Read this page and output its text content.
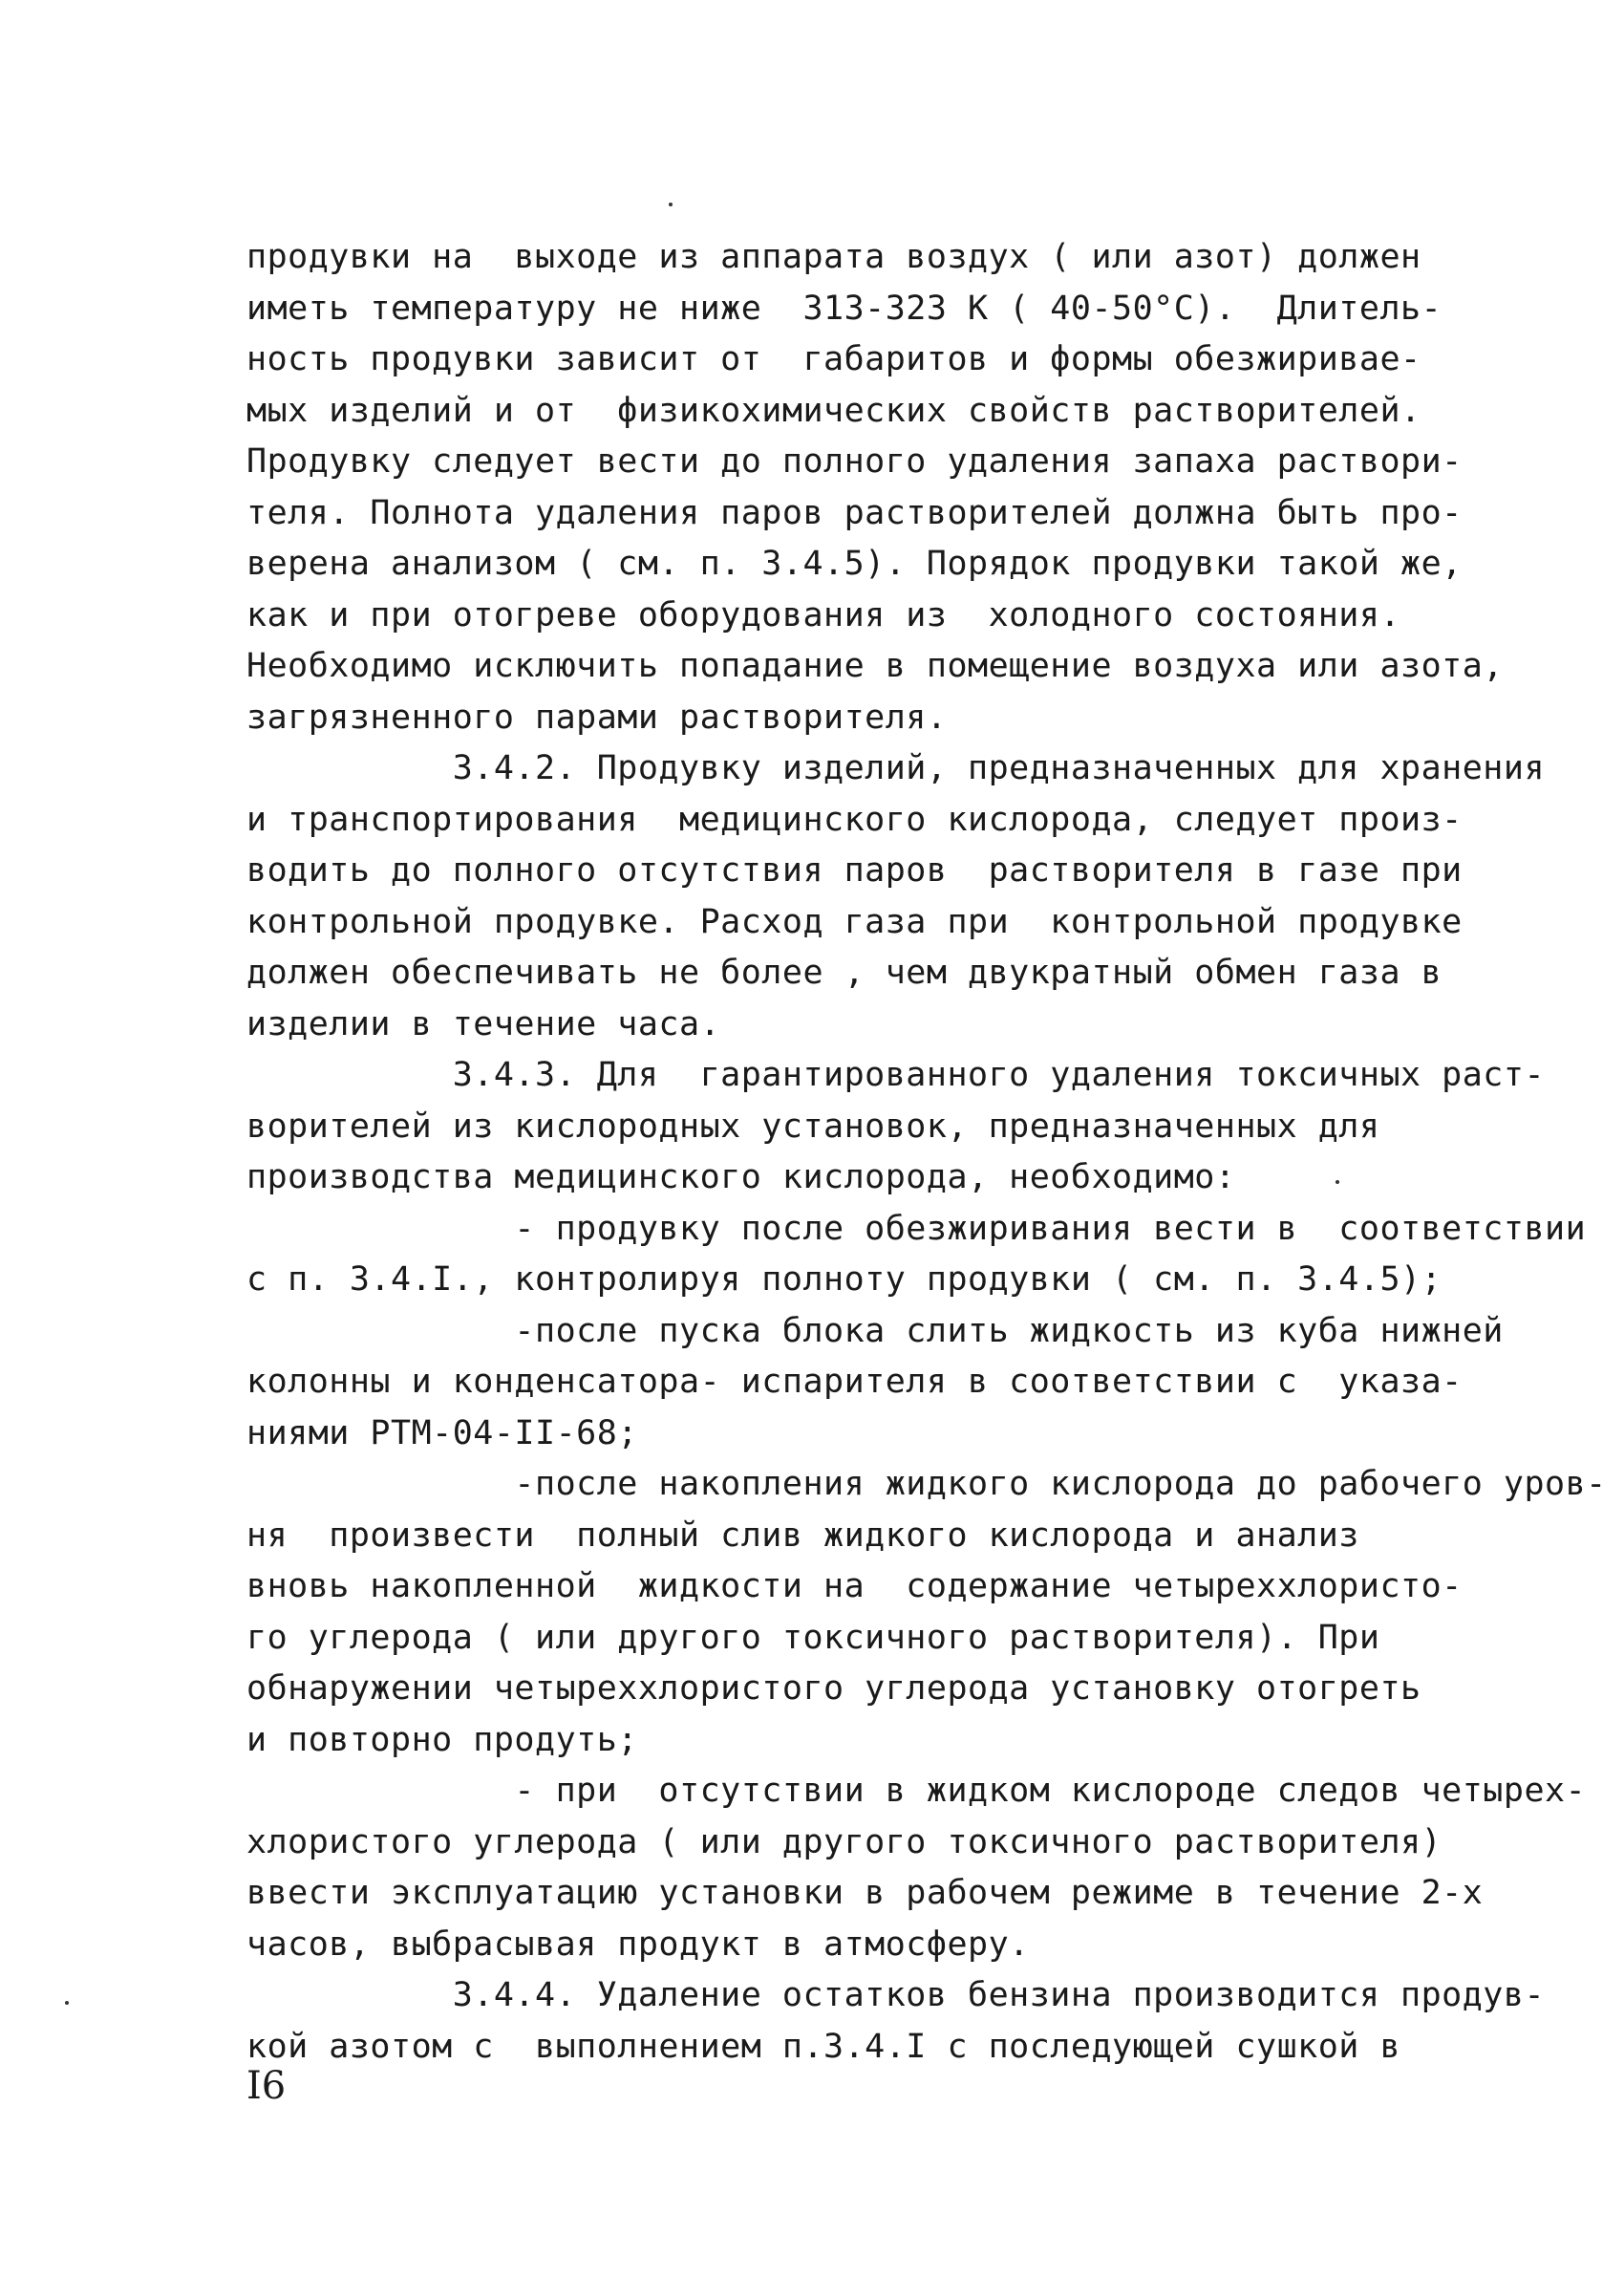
продувки на  выходе из аппарата воздух ( или азот) должен
иметь температуру не ниже  313-323 К ( 40-50°С).  Длитель-
ность продувки зависит от  габаритов и формы обезжириваe-
мых изделий и от  физикохимических свойств растворителей.
Продувку следует вести до полного удаления запаха раствори-
теля. Полнота удаления паров растворителей должна быть про-
верена анализом ( см. п. 3.4.5). Порядок продувки такой же,
как и при отогреве оборудования из  холодного состояния.
Необходимо исключить попадание в помещение воздуха или азота,
загрязненного парами растворителя.
3.4.2. Продувку изделий, предназначенных для хранения
и транспортирования  медицинского кислорода, следует произ-
водить до полного отсутствия паров  растворителя в газе при
контрольной продувке. Расход газа при  контрольной продувке
должен обеспечивать не более , чем двукратный обмен газа в
изделии в течение часа.
3.4.3. Для  гарантированного удаления токсичных раст-
ворителей из кислородных установок, предназначенных для
производства медицинского кислорода, необходимо:
- продувку после обезжиривания вести в  соответствии
с п. 3.4.I., контролируя полноту продувки ( см. п. 3.4.5);
-после пуска блока слить жидкость из куба нижней
колонны и конденсатора- испарителя в соответствии с  указа-
ниями РТМ-04-II-68;
-после накопления жидкого кислорода до рабочего уров-
ня  произвести  полный слив жидкого кислорода и анализ
вновь накопленной  жидкости на  содержание четыреххлористо-
го углерода ( или другого токсичного растворителя). При
обнаружении четыреххлористого углерода установку отогреть
и повторно продуть;
- при  отсутствии в жидком кислороде следов четырех-
хлористого углерода ( или другого токсичного растворителя)
ввести эксплуатацию установки в рабочем режиме в течение 2-х
часов, выбрасывая продукт в атмосферу.
3.4.4. Удаление остатков бензина производится продув-
кой азотом с  выполнением п.3.4.I с последующей сушкой в
I6
